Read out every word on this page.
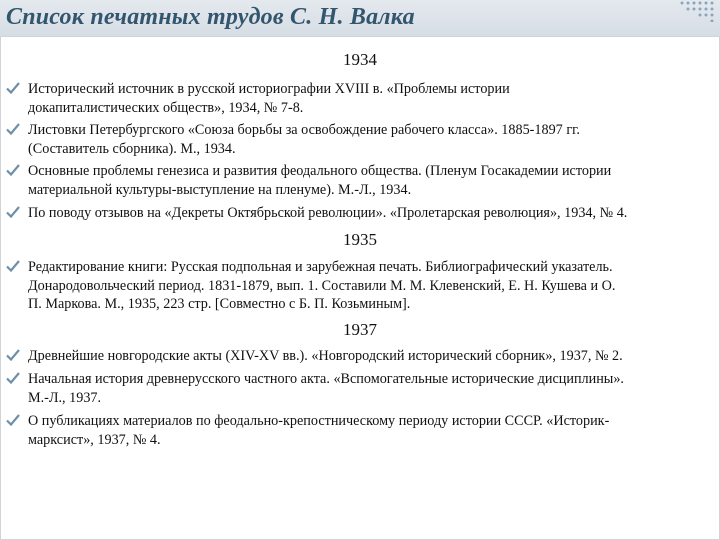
Список печатных трудов С. Н. Валка
1934
Исторический источник в русской историографии XVIII в. «Проблемы истории
докапиталистических обществ», 1934, № 7-8.
Листовки Петербургского «Союза борьбы за освобождение рабочего класса». 1885-1897 гг.
(Составитель сборника). М., 1934.
Основные проблемы генезиса и развития феодального общества. (Пленум Госакадемии истории
материальной культуры-выступление на пленуме). М.-Л., 1934.
По поводу отзывов на «Декреты Октябрьской революции». «Пролетарская революция», 1934, № 4.
1935
Редактирование книги: Русская подпольная и зарубежная печать. Библиографический указатель.
Донародовольческий период. 1831-1879, вып. 1. Составили М. М. Клевенский, Е. Н. Кушева и О.
П. Маркова. М., 1935, 223 стр. [Совместно с Б. П. Козьминым].
1937
Древнейшие новгородские акты (XIV-XV вв.). «Новгородский исторический сборник», 1937, № 2.
Начальная история древнерусского частного акта. «Вспомогательные исторические дисциплины».
М.-Л., 1937.
О публикациях материалов по феодально-крепостническому периоду истории СССР. «Историк-
марксист», 1937, № 4.
